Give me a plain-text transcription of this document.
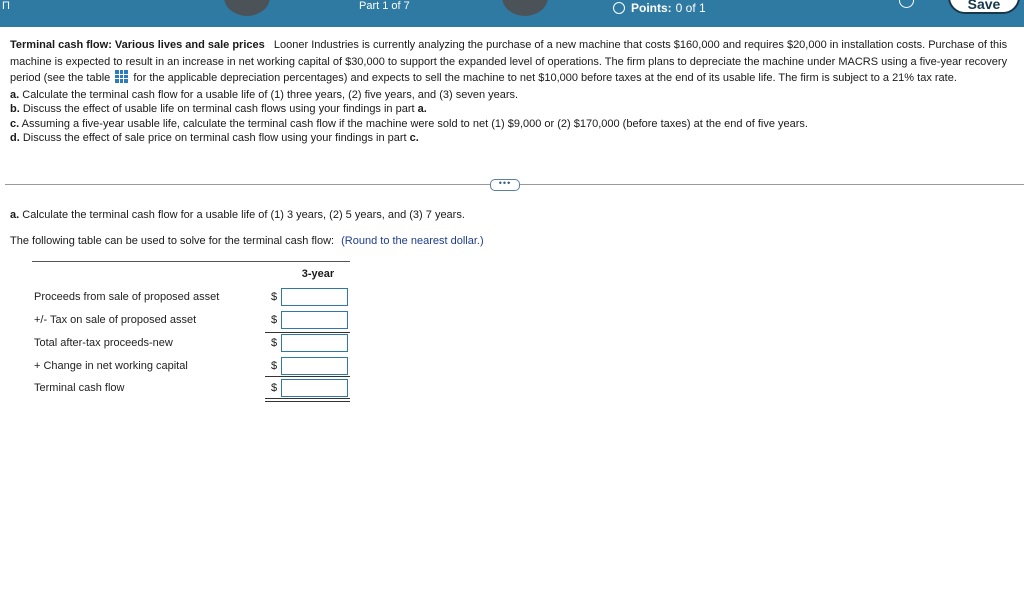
Π	Part 1 of 7	Points: 0 of 1	Save
Terminal cash flow: Various lives and sale prices Looner Industries is currently analyzing the purchase of a new machine that costs $160,000 and requires $20,000 in installation costs. Purchase of this machine is expected to result in an increase in net working capital of $30,000 to support the expanded level of operations. The firm plans to depreciate the machine under MACRS using a five-year recovery period (see the table for the applicable depreciation percentages) and expects to sell the machine to net $10,000 before taxes at the end of its usable life. The firm is subject to a 21% tax rate.
a. Calculate the terminal cash flow for a usable life of (1) three years, (2) five years, and (3) seven years.
b. Discuss the effect of usable life on terminal cash flows using your findings in part a.
c. Assuming a five-year usable life, calculate the terminal cash flow if the machine were sold to net (1) $9,000 or (2) $170,000 (before taxes) at the end of five years.
d. Discuss the effect of sale price on terminal cash flow using your findings in part c.
•••
a. Calculate the terminal cash flow for a usable life of (1) 3 years, (2) 5 years, and (3) 7 years.
The following table can be used to solve for the terminal cash flow: (Round to the nearest dollar.)
3-year
Proceeds from sale of proposed asset	$
+/- Tax on sale of proposed asset	$
Total after-tax proceeds-new	$
+ Change in net working capital	$
Terminal cash flow	$
